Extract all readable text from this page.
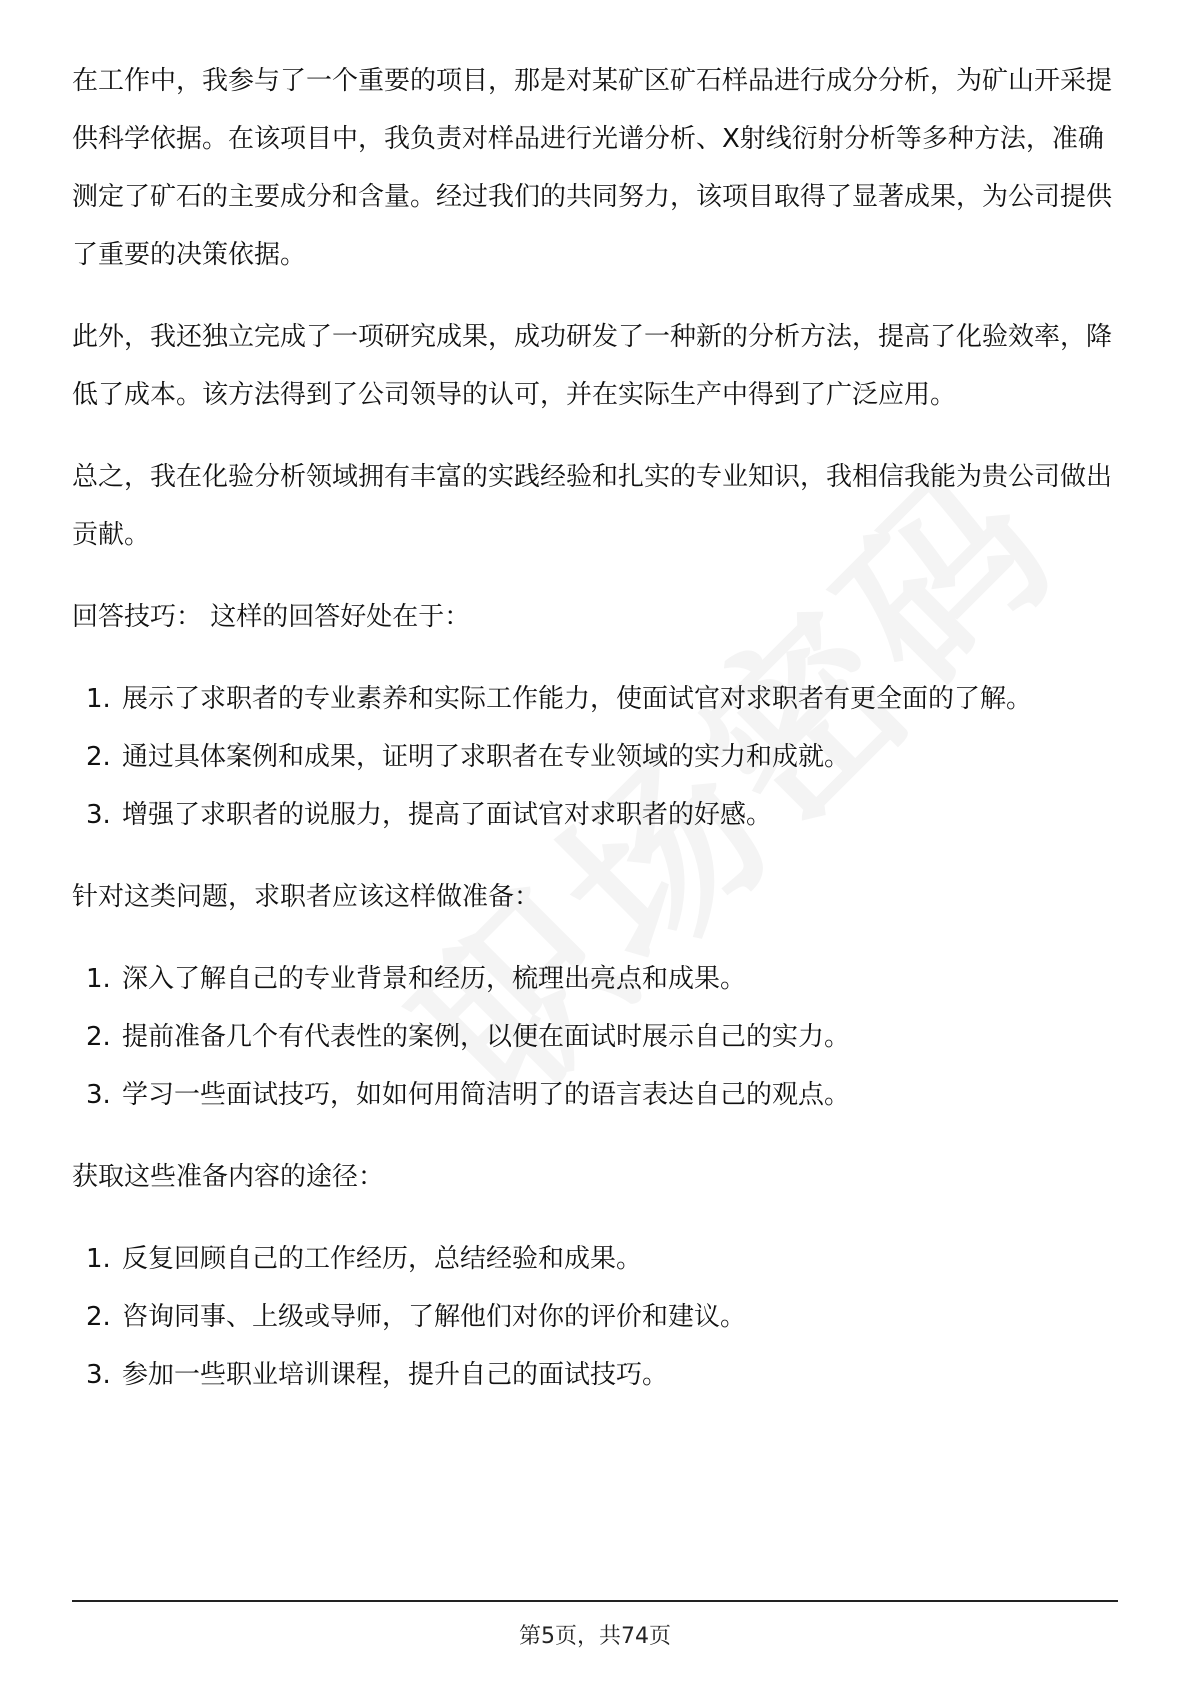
在工作中，我参与了一个重要的项目，那是对某矿区矿石样品进行成分分析，为矿山开采提供科学依据。在该项目中，我负责对样品进行光谱分析、X射线衍射分析等多种方法，准确测定了矿石的主要成分和含量。经过我们的共同努力，该项目取得了显著成果，为公司提供了重要的决策依据。

此外，我还独立完成了一项研究成果，成功研发了一种新的分析方法，提高了化验效率，降低了成本。该方法得到了公司领导的认可，并在实际生产中得到了广泛应用。

总之，我在化验分析领域拥有丰富的实践经验和扎实的专业知识，我相信我能为贵公司做出贡献。

回答技巧： 这样的回答好处在于：
1. 展示了求职者的专业素养和实际工作能力，使面试官对求职者有更全面的了解。
2. 通过具体案例和成果，证明了求职者在专业领域的实力和成就。
3. 增强了求职者的说服力，提高了面试官对求职者的好感。
针对这类问题，求职者应该这样做准备：
1. 深入了解自己的专业背景和经历，梳理出亮点和成果。
2. 提前准备几个有代表性的案例，以便在面试时展示自己的实力。
3. 学习一些面试技巧，如如何用简洁明了的语言表达自己的观点。
获取这些准备内容的途径：
1. 反复回顾自己的工作经历，总结经验和成果。
2. 咨询同事、上级或导师，了解他们对你的评价和建议。
3. 参加一些职业培训课程，提升自己的面试技巧。
第5页，共74页
